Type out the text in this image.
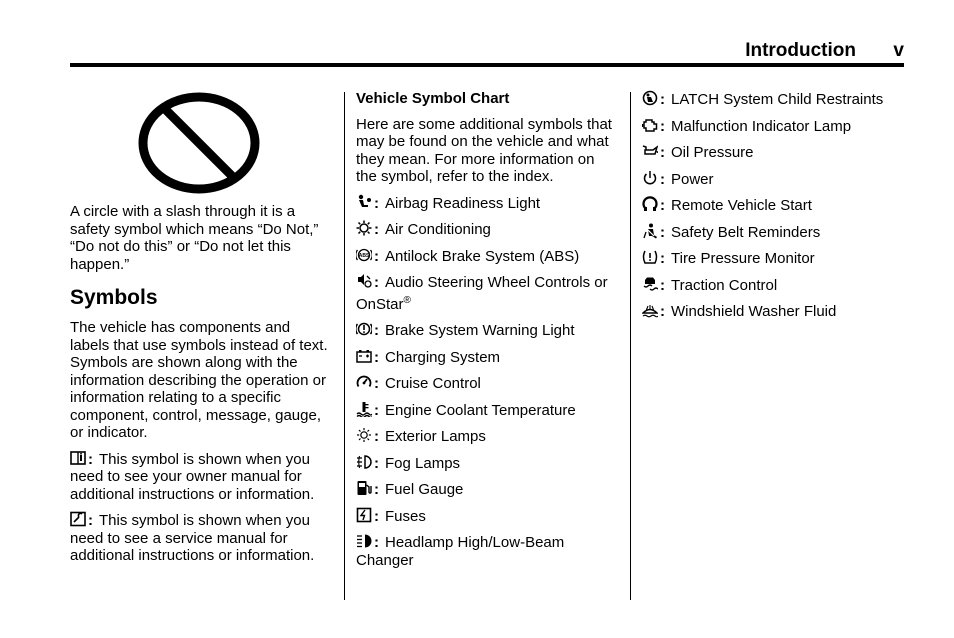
Introduction v

A circle with a slash through it is a safety symbol which means “Do Not,” “Do not do this” or “Do not let this happen.”

Symbols

The vehicle has components and labels that use symbols instead of text. Symbols are shown along with the information describing the operation or information relating to a specific component, control, message, gauge, or indicator.

: This symbol is shown when you need to see your owner manual for additional instructions or information.

: This symbol is shown when you need to see a service manual for additional instructions or information.

Vehicle Symbol Chart

Here are some additional symbols that may be found on the vehicle and what they mean. For more information on the symbol, refer to the index.

: Airbag Readiness Light
: Air Conditioning
ABS : Antilock Brake System (ABS)
: Audio Steering Wheel Controls or OnStar®
: Brake System Warning Light
: Charging System
: Cruise Control
: Engine Coolant Temperature
: Exterior Lamps
: Fog Lamps
: Fuel Gauge
: Fuses
: Headlamp High/Low-Beam Changer
: LATCH System Child Restraints
: Malfunction Indicator Lamp
: Oil Pressure
: Power
: Remote Vehicle Start
: Safety Belt Reminders
: Tire Pressure Monitor
: Traction Control
: Windshield Washer Fluid
